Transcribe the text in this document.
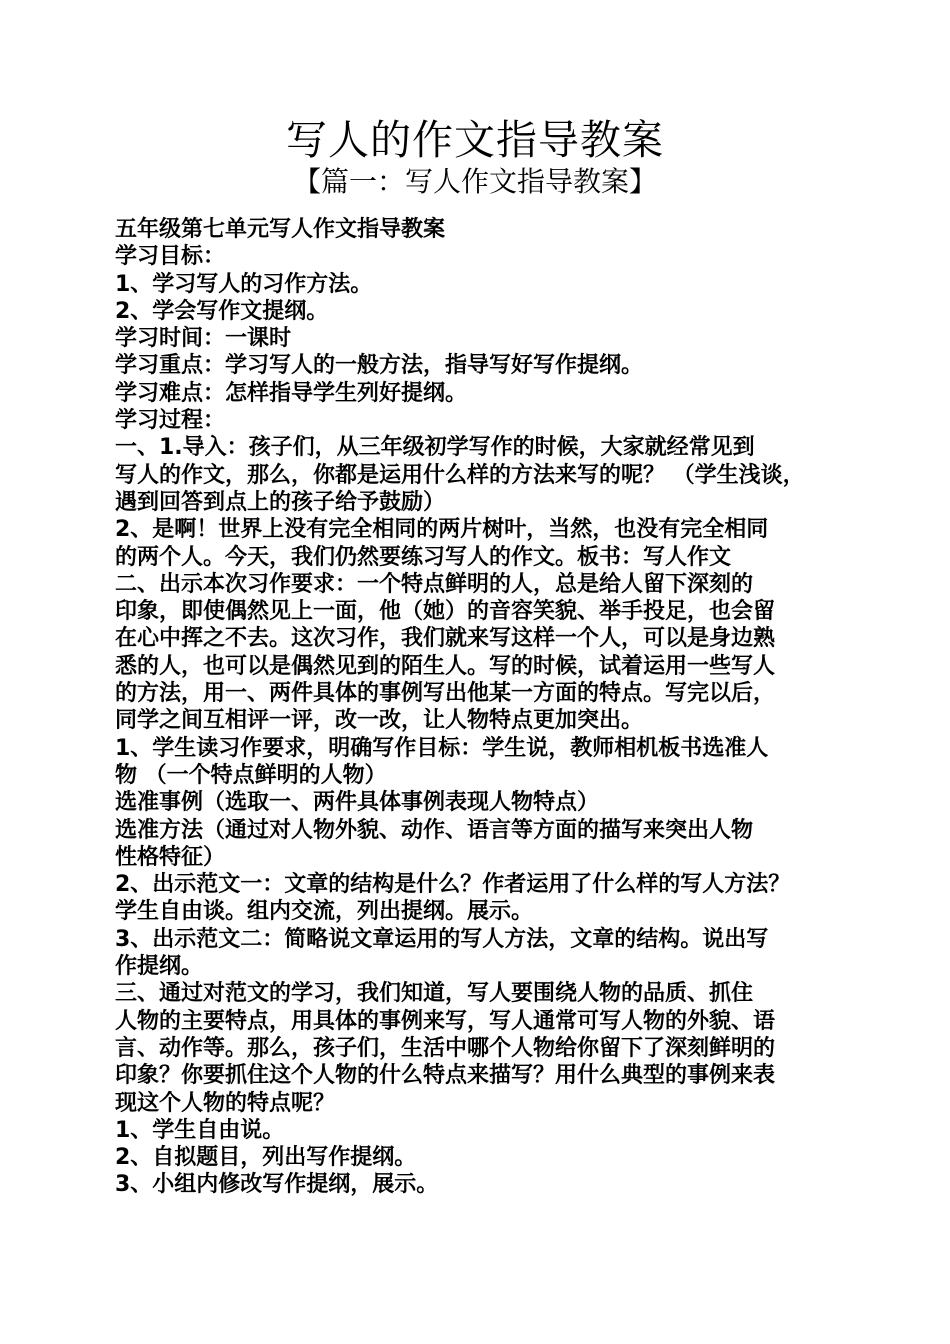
写人的作文指导教案
【篇一：写人作文指导教案】
五年级第七单元写人作文指导教案
学习目标：
1、学习写人的习作方法。
2、学会写作文提纲。
学习时间：一课时
学习重点：学习写人的一般方法，指导写好写作提纲。
学习难点：怎样指导学生列好提纲。
学习过程：
一、1.导入：孩子们，从三年级初学写作的时候，大家就经常见到
写人的作文，那么，你都是运用什么样的方法来写的呢？ （学生浅谈，
遇到回答到点上的孩子给予鼓励）
2、是啊！世界上没有完全相同的两片树叶，当然，也没有完全相同
的两个人。今天，我们仍然要练习写人的作文。板书：写人作文
二、出示本次习作要求：一个特点鲜明的人，总是给人留下深刻的
印象，即使偶然见上一面，他（她）的音容笑貌、举手投足，也会留
在心中挥之不去。这次习作，我们就来写这样一个人，可以是身边熟
悉的人，也可以是偶然见到的陌生人。写的时候，试着运用一些写人
的方法，用一、两件具体的事例写出他某一方面的特点。写完以后，
同学之间互相评一评，改一改，让人物特点更加突出。
1、学生读习作要求，明确写作目标：学生说，教师相机板书选准人
物 （一个特点鲜明的人物）
选准事例（选取一、两件具体事例表现人物特点）
选准方法（通过对人物外貌、动作、语言等方面的描写来突出人物
性格特征）
2、出示范文一：文章的结构是什么？作者运用了什么样的写人方法？
学生自由谈。组内交流，列出提纲。展示。
3、出示范文二：简略说文章运用的写人方法，文章的结构。说出写
作提纲。
三、通过对范文的学习，我们知道，写人要围绕人物的品质、抓住
人物的主要特点，用具体的事例来写，写人通常可写人物的外貌、语
言、动作等。那么，孩子们，生活中哪个人物给你留下了深刻鲜明的
印象？你要抓住这个人物的什么特点来描写？用什么典型的事例来表
现这个人物的特点呢？
1、学生自由说。
2、自拟题目，列出写作提纲。
3、小组内修改写作提纲，展示。
